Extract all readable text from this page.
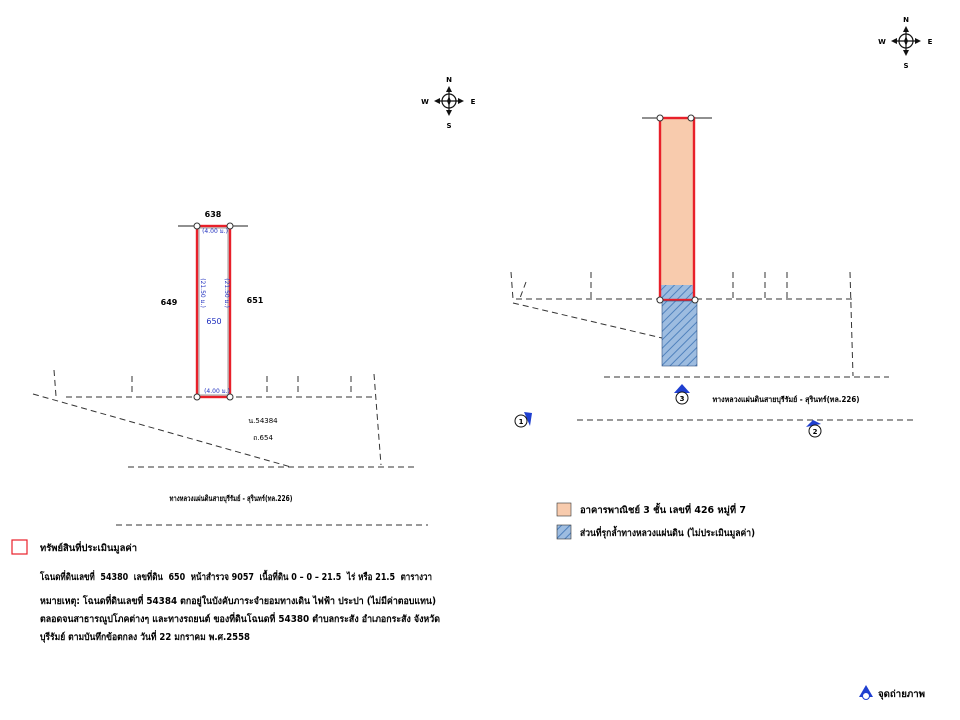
N
S
W	E
N
S
W	E
638
649	651
650
(4.00 ม.)
(21.50 ม.)	(21.50 ม.)
(4.00 ม.)
น.54384
ถ.654
ทางหลวงแผ่นดินสายบุรีรัมย์ - สุรินทร์(ทล.226)
ทางหลวงแผ่นดินสายบุรีรัมย์ - สุรินทร์(ทล.226)
1
2
3
อาคารพาณิชย์ 3 ชั้น เลขที่ 426 หมู่ที่ 7
ส่วนที่รุกล้ำทางหลวงแผ่นดิน (ไม่ประเมินมูลค่า)
ทรัพย์สินที่ประเมินมูลค่า
โฉนดที่ดินเลขที่  54380  เลขที่ดิน  650  หน้าสำรวจ 9057  เนื้อที่ดิน 0 – 0 – 21.5  ไร่ หรือ 21.5  ตารางวา
หมายเหตุ: โฉนดที่ดินเลขที่ 54384 ตกอยู่ในบังคับภาระจำยอมทางเดิน ไฟฟ้า ประปา (ไม่มีค่าตอบแทน)
ตลอดจนสาธารณูปโภคต่างๆ และทางรถยนต์ ของที่ดินโฉนดที่ 54380 ตำบลกระสัง อำเภอกระสัง จังหวัด
บุรีรัมย์ ตามบันทึกข้อตกลง วันที่ 22 มกราคม พ.ศ.2558
จุดถ่ายภาพ
